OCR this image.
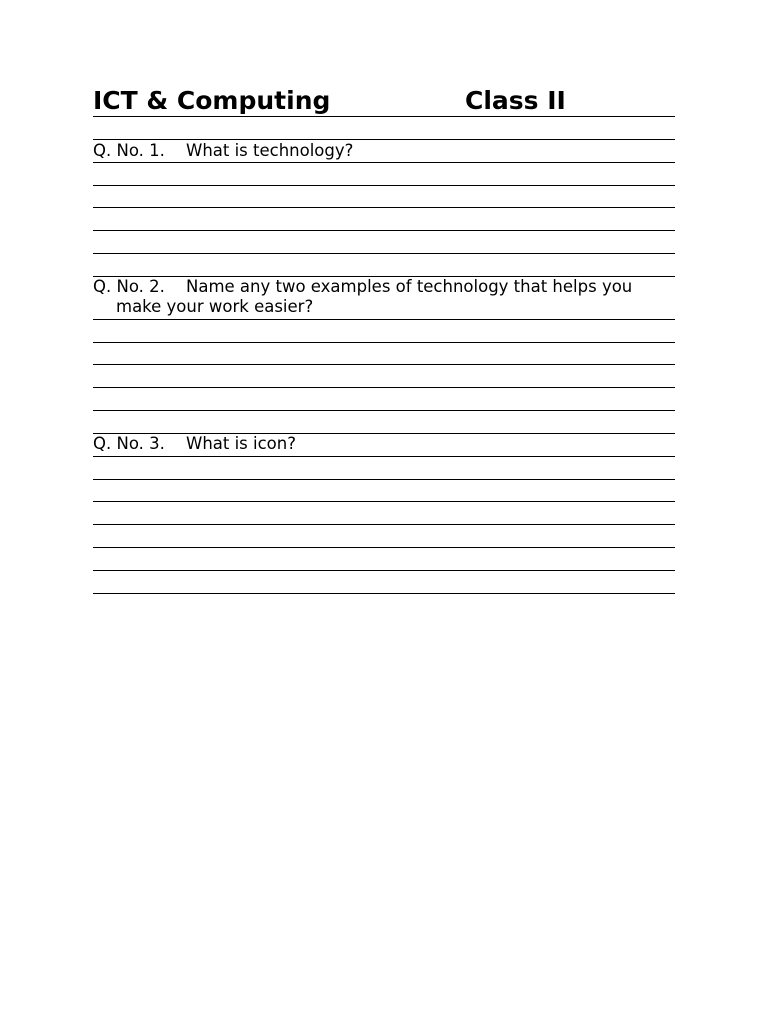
ICT & Computing	Class II
Q. No. 1. What is technology?
Q. No. 2. Name any two examples of technology that helps you
make your work easier?
Q. No. 3. What is icon?
